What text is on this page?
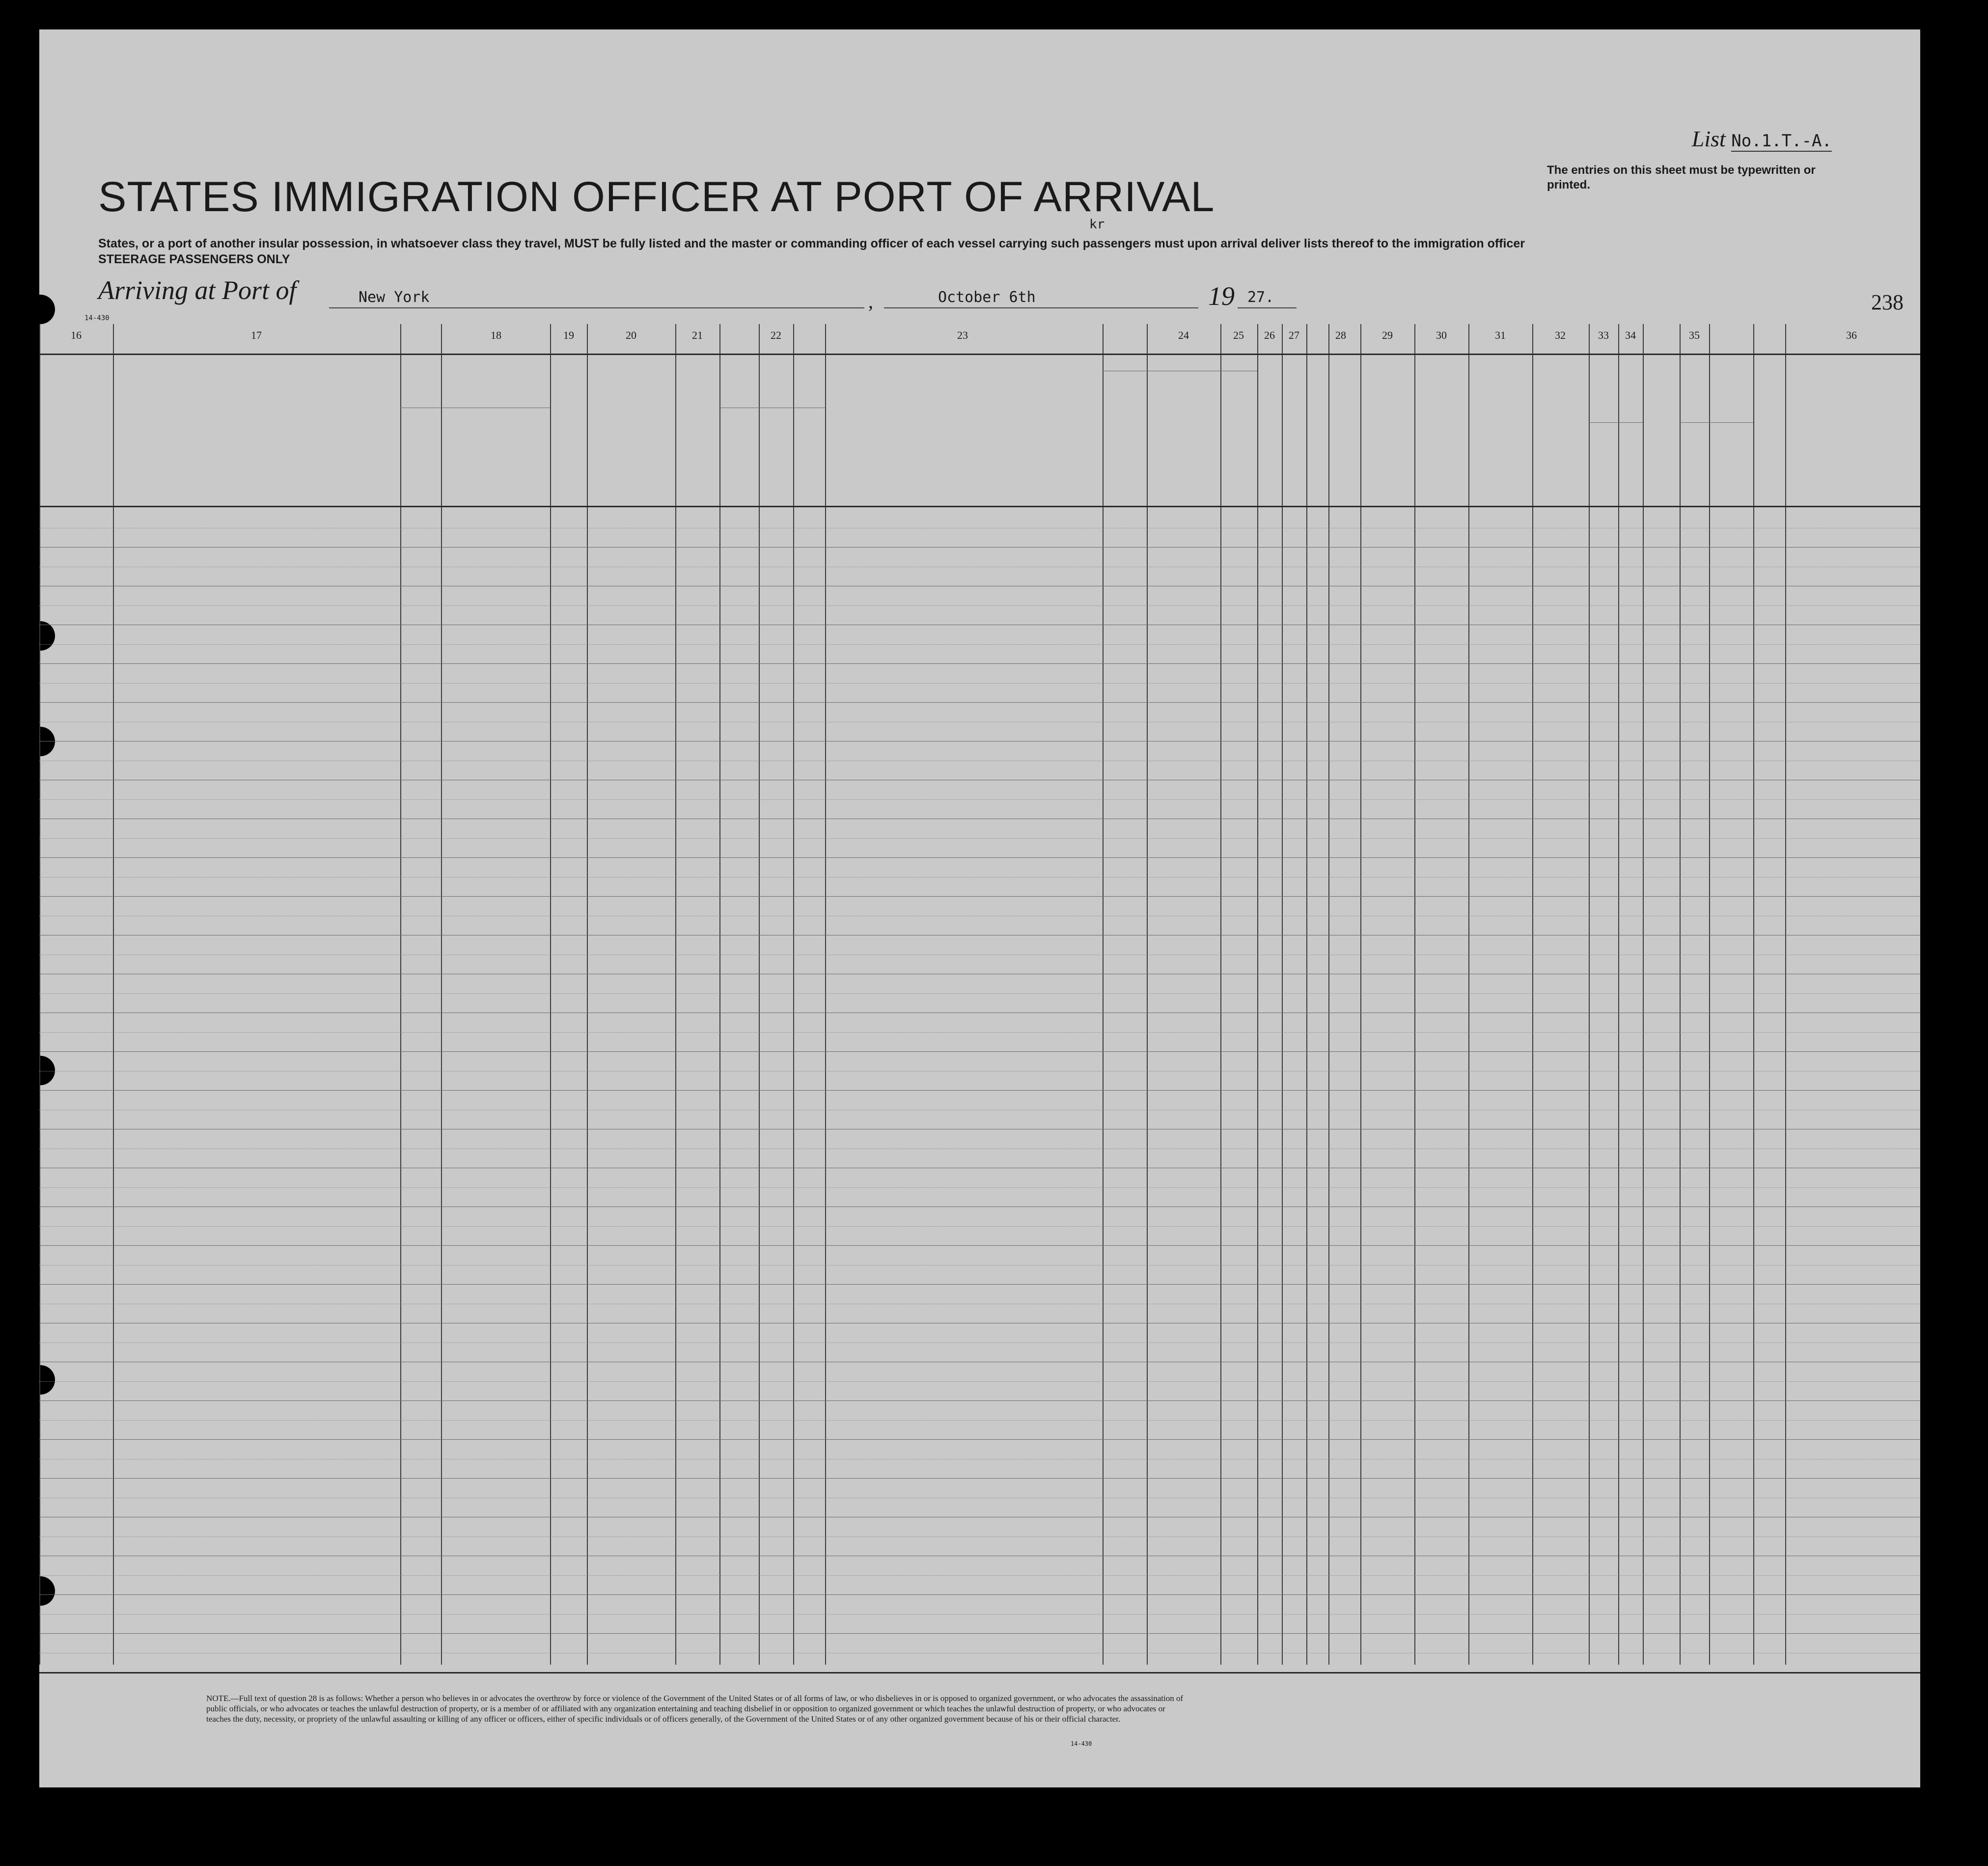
List No.1.T.-A.
The entries on this sheet must be typewritten or printed.
STATES IMMIGRATION OFFICER AT PORT OF ARRIVAL
kr
States, or a port of another insular possession, in whatsoever class they travel, MUST be fully listed and the master or commanding officer of each vessel carrying such passengers must upon arrival deliver lists thereof to the immigration officer
STEERAGE PASSENGERS ONLY
Arriving at Port of	New York	,	October 6th	19 27.	238
14-430
16	17	18	19	20	21	22	23	24	25	26	27	28	29	30	31	32	33	34	35	36
NOTE.—Full text of question 28 is as follows: Whether a person who believes in or advocates the overthrow by force or violence of the Government of the United States or of all forms of law, or who disbelieves in or is opposed to organized government, or who advocates the assassination of public officials, or who advocates or teaches the unlawful destruction of property, or is a member of or affiliated with any organization entertaining and teaching disbelief in or opposition to organized government or which teaches the unlawful destruction of property, or who advocates or teaches the duty, necessity, or propriety of the unlawful assaulting or killing of any officer or officers, either of specific individuals or of officers generally, of the Government of the United States or of any other organized government because of his or their official character.
14-430
